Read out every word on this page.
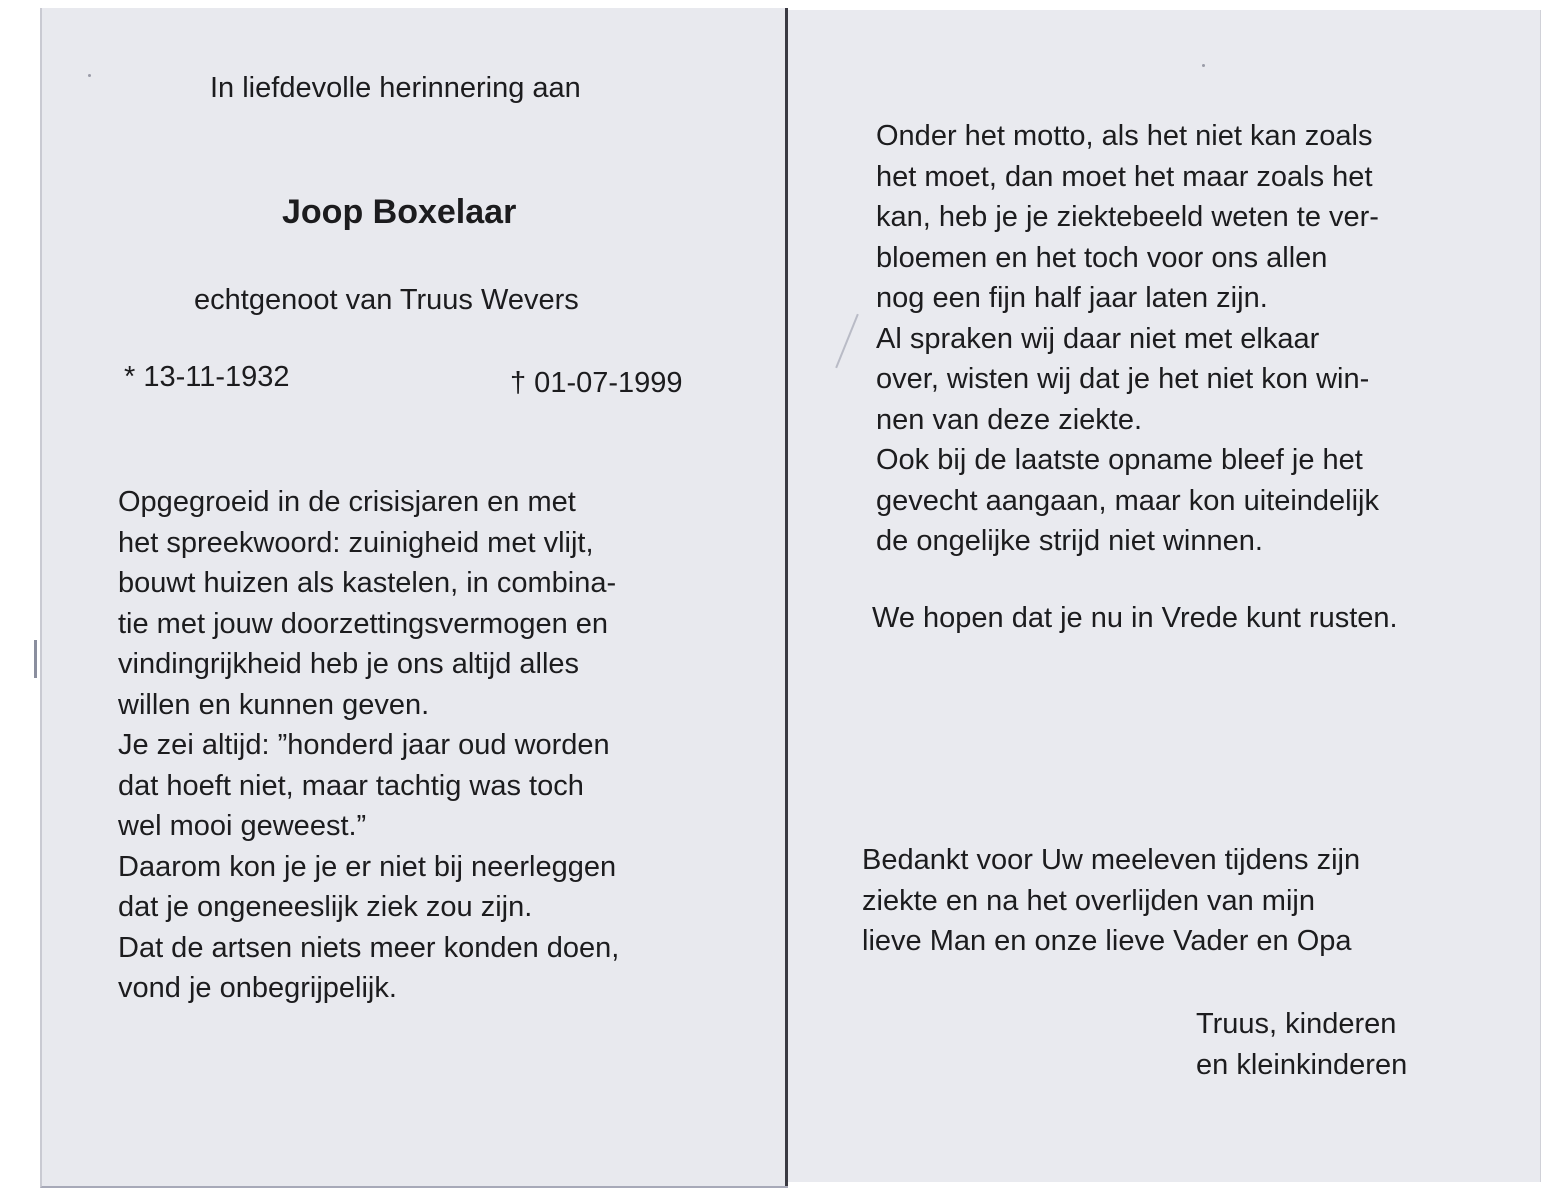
In liefdevolle herinnering aan
Joop Boxelaar
echtgenoot van Truus Wevers
* 13-11-1932	† 01-07-1999
Opgegroeid in de crisisjaren en met
het spreekwoord: zuinigheid met vlijt,
bouwt huizen als kastelen, in combina-
tie met jouw doorzettingsvermogen en
vindingrijkheid heb je ons altijd alles
willen en kunnen geven.
Je zei altijd: ”honderd jaar oud worden
dat hoeft niet, maar tachtig was toch
wel mooi geweest.”
Daarom kon je je er niet bij neerleggen
dat je ongeneeslijk ziek zou zijn.
Dat de artsen niets meer konden doen,
vond je onbegrijpelijk.
Onder het motto, als het niet kan zoals
het moet, dan moet het maar zoals het
kan, heb je je ziektebeeld weten te ver-
bloemen en het toch voor ons allen
nog een fijn half jaar laten zijn.
Al spraken wij daar niet met elkaar
over, wisten wij dat je het niet kon win-
nen van deze ziekte.
Ook bij de laatste opname bleef je het
gevecht aangaan, maar kon uiteindelijk
de ongelijke strijd niet winnen.
We hopen dat je nu in Vrede kunt rusten.
Bedankt voor Uw meeleven tijdens zijn
ziekte en na het overlijden van mijn
lieve Man en onze lieve Vader en Opa
Truus, kinderen
en kleinkinderen
